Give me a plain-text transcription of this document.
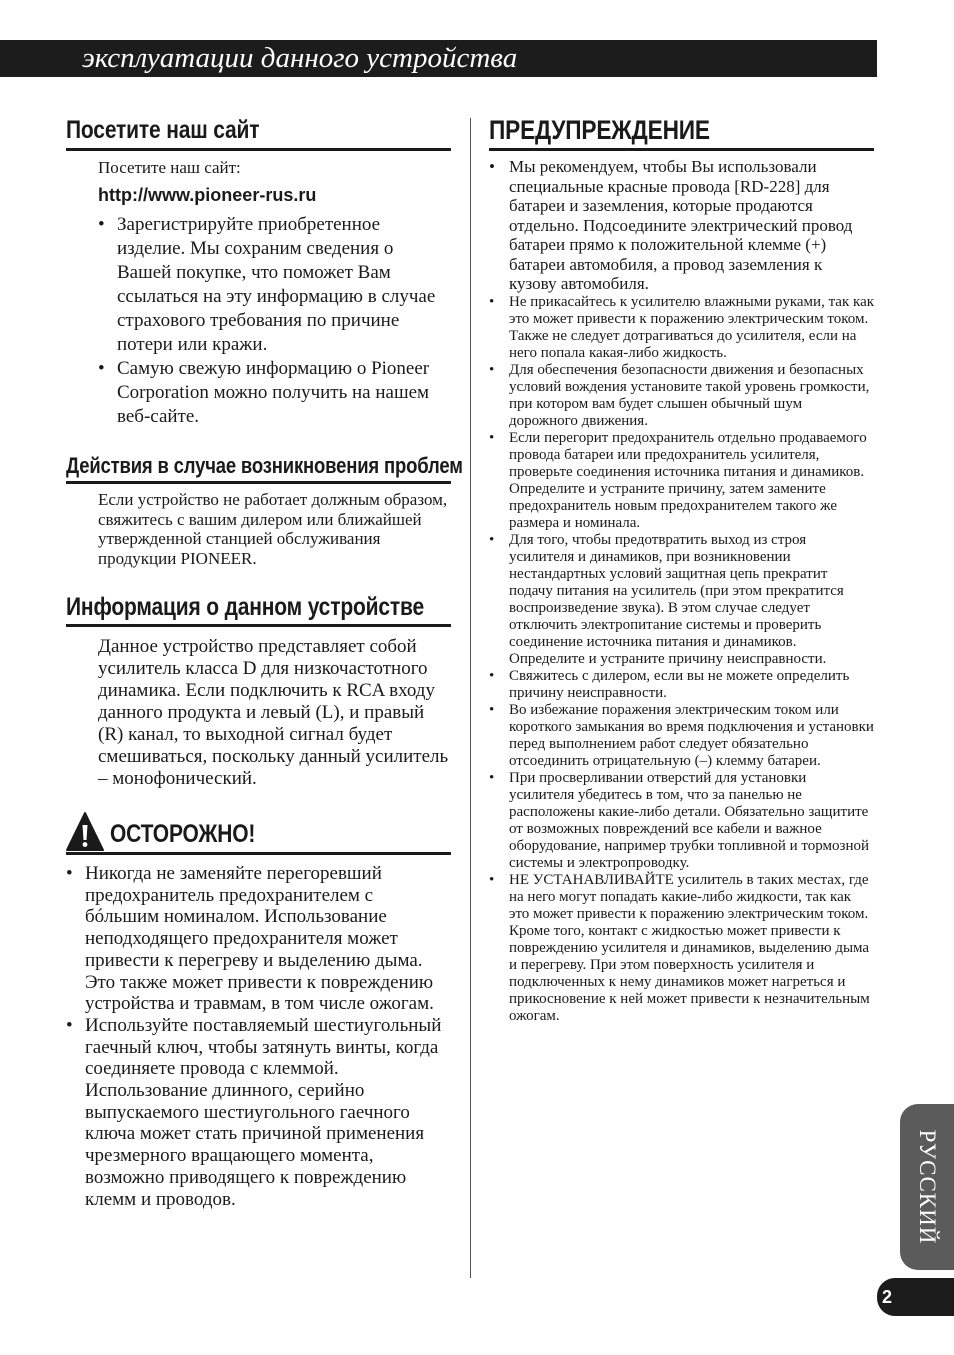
эксплуатации данного устройства
Посетите наш сайт
Посетите наш сайт:
http://www.pioneer-rus.ru
• Зарегистрируйте приобретенное изделие. Мы сохраним сведения о Вашей покупке, что поможет Вам ссылаться на эту информацию в случае страхового требования по причине потери или кражи.
• Самую свежую информацию о Pioneer Corporation можно получить на нашем веб-сайте.
Действия в случае возникновения проблем
Если устройство не работает должным образом, свяжитесь с вашим дилером или ближайшей утвержденной станцией обслуживания продукции PIONEER.
Информация о данном устройстве
Данное устройство представляет собой усилитель класса D для низкочастотного динамика. Если подключить к RCA входу данного продукта и левый (L), и правый (R) канал, то выходной сигнал будет смешиваться, поскольку данный усилитель – монофонический.
ОСТОРОЖНО!
• Никогда не заменяйте перегоревший предохранитель предохранителем с бóльшим номиналом. Использование неподходящего предохранителя может привести к перегреву и выделению дыма. Это также может привести к повреждению устройства и травмам, в том числе ожогам.
• Используйте поставляемый шестиугольный гаечный ключ, чтобы затянуть винты, когда соединяете провода с клеммой. Использование длинного, серийно выпускаемого шестиугольного гаечного ключа может стать причиной применения чрезмерного вращающего момента, возможно приводящего к повреждению клемм и проводов.
ПРЕДУПРЕЖДЕНИЕ
• Мы рекомендуем, чтобы Вы использовали специальные красные провода [RD-228] для батареи и заземления, которые продаются отдельно. Подсоедините электрический провод батареи прямо к положительной клемме (+) батареи автомобиля, а провод заземления к кузову автомобиля.
• Не прикасайтесь к усилителю влажными руками, так как это может привести к поражению электрическим током. Также не следует дотрагиваться до усилителя, если на него попала какая-либо жидкость.
• Для обеспечения безопасности движения и безопасных условий вождения установите такой уровень громкости, при котором вам будет слышен обычный шум дорожного движения.
• Если перегорит предохранитель отдельно продаваемого провода батареи или предохранитель усилителя, проверьте соединения источника питания и динамиков. Определите и устраните причину, затем замените предохранитель новым предохранителем такого же размера и номинала.
• Для того, чтобы предотвратить выход из строя усилителя и динамиков, при возникновении нестандартных условий защитная цепь прекратит подачу питания на усилитель (при этом прекратится воспроизведение звука). В этом случае следует отключить электропитание системы и проверить соединение источника питания и динамиков. Определите и устраните причину неисправности.
• Свяжитесь с дилером, если вы не можете определить причину неисправности.
• Во избежание поражения электрическим током или короткого замыкания во время подключения и установки перед выполнением работ следует обязательно отсоединить отрицательную (–) клемму батареи.
• При просверливании отверстий для установки усилителя убедитесь в том, что за панелью не расположены какие-либо детали. Обязательно защитите от возможных повреждений все кабели и важное оборудование, например трубки топливной и тормозной системы и электропроводку.
• НЕ УСТАНАВЛИВАЙТЕ усилитель в таких местах, где на него могут попадать какие-либо жидкости, так как это может привести к поражению электрическим током. Кроме того, контакт с жидкостью может привести к повреждению усилителя и динамиков, выделению дыма и перегреву. При этом поверхность усилителя и подключенных к нему динамиков может нагреться и прикосновение к ней может привести к незначительным ожогам.
РУССКИЙ
2
